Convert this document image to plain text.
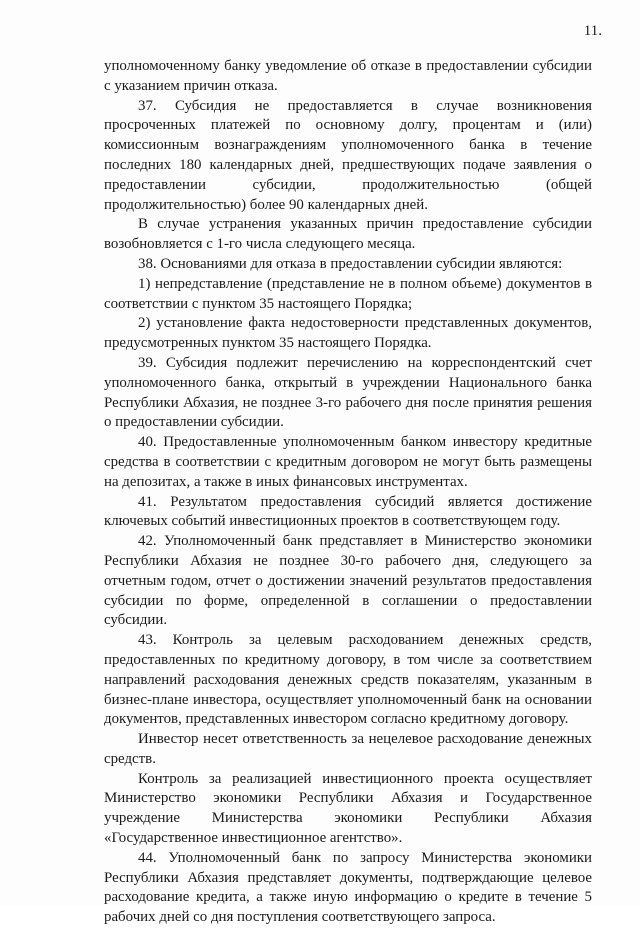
11.

уполномоченному банку уведомление об отказе в предоставлении субсидии с указанием причин отказа.

37. Субсидия не предоставляется в случае возникновения просроченных платежей по основному долгу, процентам и (или) комиссионным вознаграждениям уполномоченного банка в течение последних 180 календарных дней, предшествующих подаче заявления о предоставлении субсидии, продолжительностью (общей продолжительностью) более 90 календарных дней.

В случае устранения указанных причин предоставление субсидии возобновляется с 1-го числа следующего месяца.

38. Основаниями для отказа в предоставлении субсидии являются:

1) непредставление (представление не в полном объеме) документов в соответствии с пунктом 35 настоящего Порядка;

2) установление факта недостоверности представленных документов, предусмотренных пунктом 35 настоящего Порядка.

39. Субсидия подлежит перечислению на корреспондентский счет уполномоченного банка, открытый в учреждении Национального банка Республики Абхазия, не позднее 3-го рабочего дня после принятия решения о предоставлении субсидии.

40. Предоставленные уполномоченным банком инвестору кредитные средства в соответствии с кредитным договором не могут быть размещены на депозитах, а также в иных финансовых инструментах.

41. Результатом предоставления субсидий является достижение ключевых событий инвестиционных проектов в соответствующем году.

42. Уполномоченный банк представляет в Министерство экономики Республики Абхазия не позднее 30-го рабочего дня, следующего за отчетным годом, отчет о достижении значений результатов предоставления субсидии по форме, определенной в соглашении о предоставлении субсидии.

43. Контроль за целевым расходованием денежных средств, предоставленных по кредитному договору, в том числе за соответствием направлений расходования денежных средств показателям, указанным в бизнес-плане инвестора, осуществляет уполномоченный банк на основании документов, представленных инвестором согласно кредитному договору.

Инвестор несет ответственность за нецелевое расходование денежных средств.

Контроль за реализацией инвестиционного проекта осуществляет Министерство экономики Республики Абхазия и Государственное учреждение Министерства экономики Республики Абхазия «Государственное инвестиционное агентство».

44. Уполномоченный банк по запросу Министерства экономики Республики Абхазия представляет документы, подтверждающие целевое расходование кредита, а также иную информацию о кредите в течение 5 рабочих дней со дня поступления соответствующего запроса.
